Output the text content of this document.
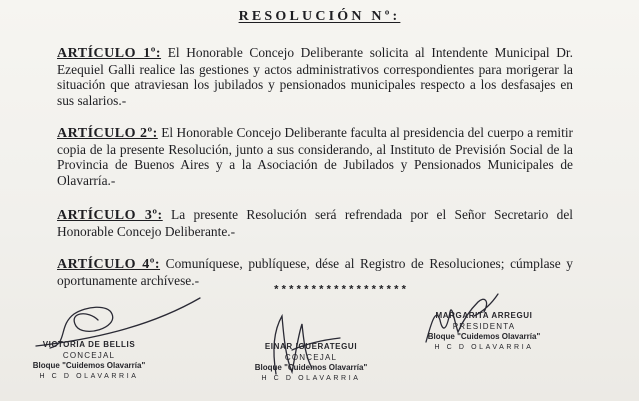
RESOLUCIÓN Nº:
ARTÍCULO 1º: El Honorable Concejo Deliberante solicita al Intendente Municipal Dr. Ezequiel Galli realice las gestiones y actos administrativos correspondientes para morigerar la situación que atraviesan los jubilados y pensionados municipales respecto a los desfasajes en sus salarios.-
ARTÍCULO 2º: El Honorable Concejo Deliberante faculta al presidencia del cuerpo a remitir copia de la presente Resolución, junto a sus considerando, al Instituto de Previsión Social de la Provincia de Buenos Aires y a la Asociación de Jubilados y Pensionados Municipales de Olavarría.-
ARTÍCULO 3º: La presente Resolución será refrendada por el Señor Secretario del Honorable Concejo Deliberante.-
ARTÍCULO 4º: Comuníquese, publíquese, dése al Registro de Resoluciones; cúmplase y oportunamente archívese.-
******************
VICTORIA DE BELLIS
CONCEJAL
Bloque "Cuidemos Olavarría"
H C D OLAVARRIA
EINAR IGUERATEGUI
CONCEJAL
Bloque "Cuidemos Olavarría"
H C D OLAVARRIA
MARGARITA ARREGUI
PRESIDENTA
Bloque "Cuidemos Olavarría"
H C D OLAVARRIA
